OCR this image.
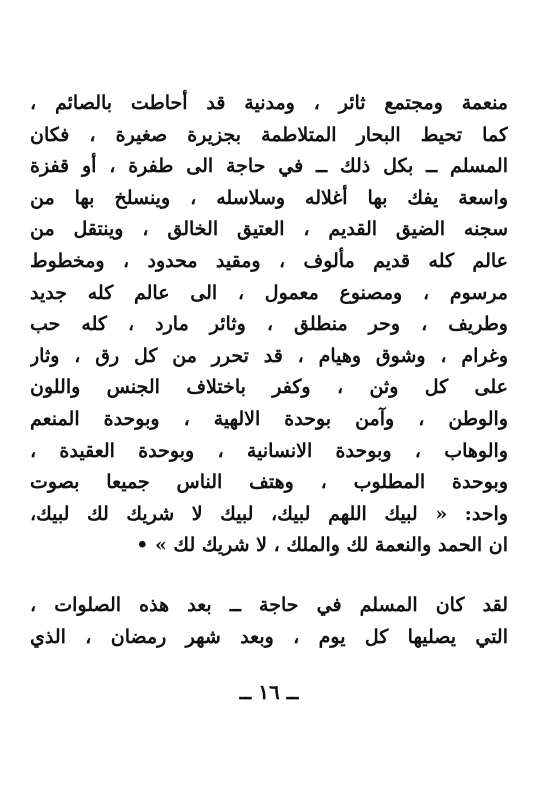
منعمة ومجتمع ثائر ، ومدنية قد أحاطت بالصائم ،
كما تحيط البحار المتلاطمة بجزيرة صغيرة ، فكان
المسلم ــ بكل ذلك ــ في حاجة الى طفرة ، أو قفزة
واسعة يفك بها أغلاله وسلاسله ، وينسلخ بها من
سجنه الضيق القديم ، العتيق الخالق ، وينتقل من
عالم كله قديم مألوف ، ومقيد محدود ، ومخطوط
مرسوم ، ومصنوع معمول ، الى عالم كله جديد
وطريف ، وحر منطلق ، وثائر مارد ، كله حب
وغرام ، وشوق وهيام ، قد تحرر من كل رق ، وثار
على كل وثن ، وكفر باختلاف الجنس واللون
والوطن ، وآمن بوحدة الالهية ، وبوحدة المنعم
والوهاب ، وبوحدة الانسانية ، وبوحدة العقيدة ،
وبوحدة المطلوب ، وهتف الناس جميعا بصوت
واحد: « لبيك اللهم لبيك، لبيك لا شريك لك لبيك،
ان الحمد والنعمة لك والملك ، لا شريك لك » •
لقد كان المسلم في حاجة ــ بعد هذه الصلوات ،
التي يصليها كل يوم ، وبعد شهر رمضان ، الذي
ــ ١٦ ــ
